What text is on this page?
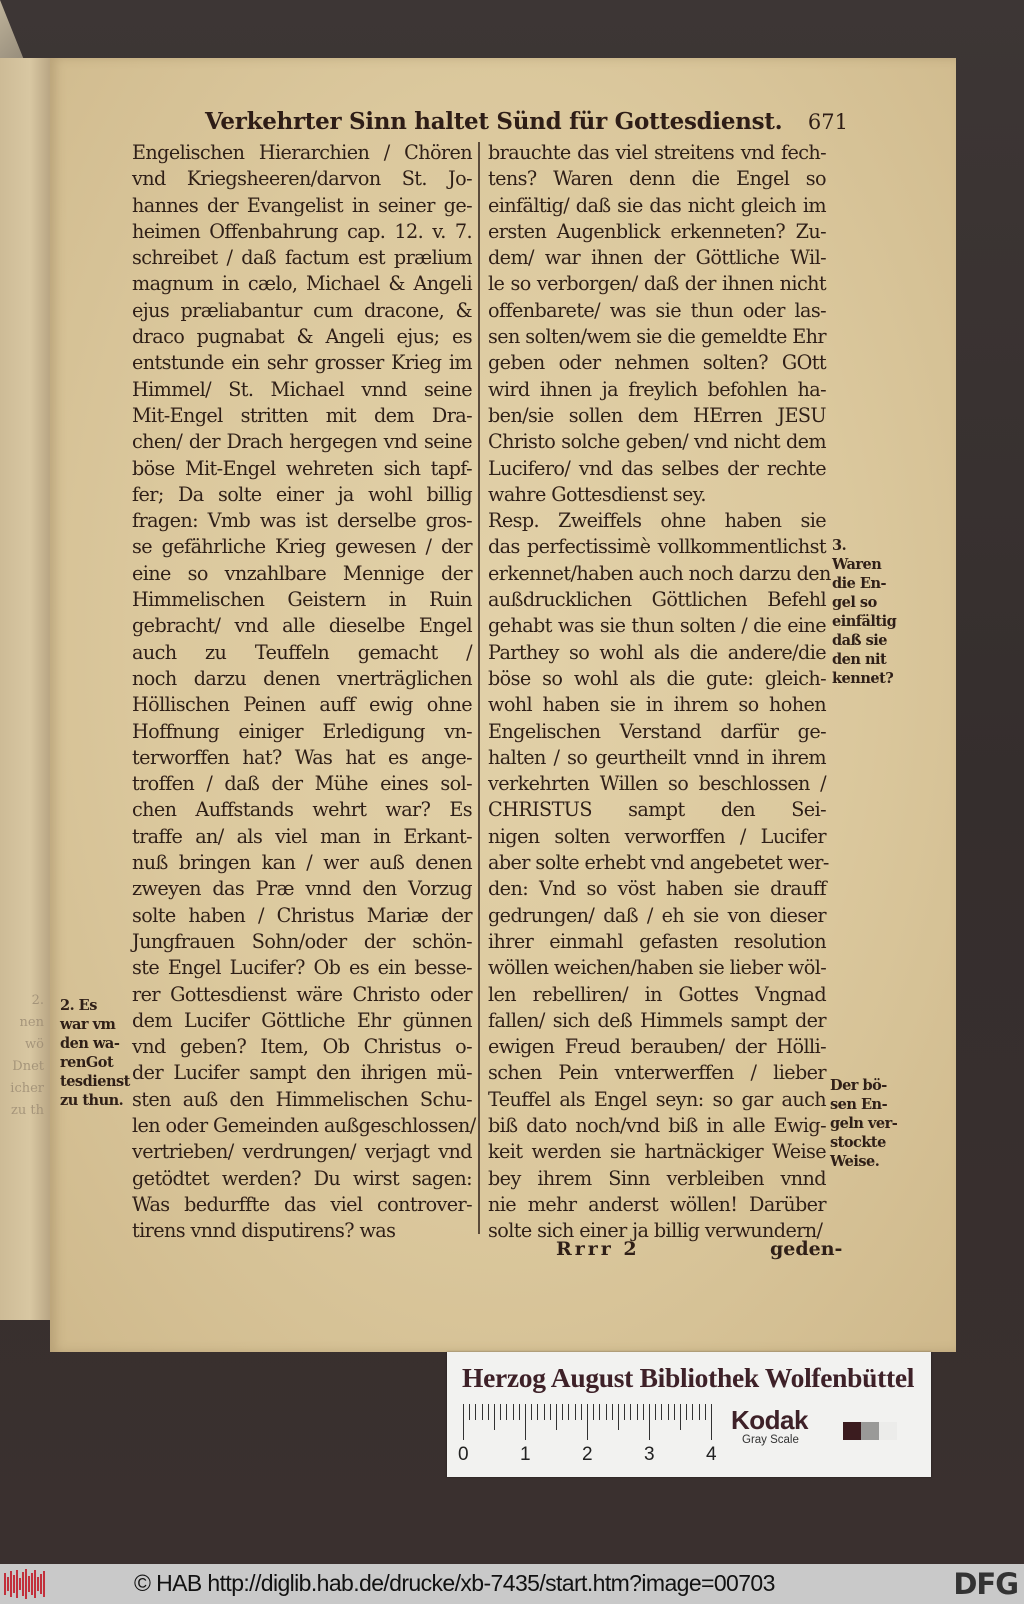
2.
nen
wö
Dnet
icher
zu th
Verkehrter Sinn haltet Sünd für Gottesdienst. 671
Engelischen Hierarchien / Chören
vnd Kriegsheeren/darvon St. Jo-
hannes der Evangelist in seiner ge-
heimen Offenbahrung cap. 12. v. 7.
schreibet / daß factum est prælium
magnum in cælo, Michael & Angeli
ejus præliabantur cum dracone, &
draco pugnabat & Angeli ejus; es
entstunde ein sehr grosser Krieg im
Himmel/ St. Michael vnnd seine
Mit-Engel stritten mit dem Dra-
chen/ der Drach hergegen vnd seine
böse Mit-Engel wehreten sich tapf-
fer; Da solte einer ja wohl billig
fragen: Vmb was ist derselbe gros-
se gefährliche Krieg gewesen / der
eine so vnzahlbare Mennige der
Himmelischen Geistern in Ruin
gebracht/ vnd alle dieselbe Engel
auch zu Teuffeln gemacht /
noch darzu denen vnerträglichen
Höllischen Peinen auff ewig ohne
Hoffnung einiger Erledigung vn-
terworffen hat? Was hat es ange-
troffen / daß der Mühe eines sol-
chen Auffstands wehrt war? Es
traffe an/ als viel man in Erkant-
nuß bringen kan / wer auß denen
zweyen das Præ vnnd den Vorzug
solte haben / Christus Mariæ der
Jungfrauen Sohn/oder der schön-
ste Engel Lucifer? Ob es ein besse-
rer Gottesdienst wäre Christo oder
dem Lucifer Göttliche Ehr günnen
vnd geben? Item, Ob Christus o-
der Lucifer sampt den ihrigen mü-
sten auß den Himmelischen Schu-
len oder Gemeinden außgeschlossen/
vertrieben/ verdrungen/ verjagt vnd
getödtet werden? Du wirst sagen:
Was bedurffte das viel controver-
tirens vnnd disputirens? was
brauchte das viel streitens vnd fech-
tens? Waren denn die Engel so
einfältig/ daß sie das nicht gleich im
ersten Augenblick erkenneten? Zu-
dem/ war ihnen der Göttliche Wil-
le so verborgen/ daß der ihnen nicht
offenbarete/ was sie thun oder las-
sen solten/wem sie die gemeldte Ehr
geben oder nehmen solten? GOtt
wird ihnen ja freylich befohlen ha-
ben/sie sollen dem HErren JESU
Christo solche geben/ vnd nicht dem
Lucifero/ vnd das selbes der rechte
wahre Gottesdienst sey.
Resp. Zweiffels ohne haben sie
das perfectissimè vollkommentlichst
erkennet/haben auch noch darzu den
außdrucklichen Göttlichen Befehl
gehabt was sie thun solten / die eine
Parthey so wohl als die andere/die
böse so wohl als die gute: gleich-
wohl haben sie in ihrem so hohen
Engelischen Verstand darfür ge-
halten / so geurtheilt vnnd in ihrem
verkehrten Willen so beschlossen /
CHRISTUS sampt den Sei-
nigen solten verworffen / Lucifer
aber solte erhebt vnd angebetet wer-
den: Vnd so vöst haben sie drauff
gedrungen/ daß / eh sie von dieser
ihrer einmahl gefasten resolution
wöllen weichen/haben sie lieber wöl-
len rebelliren/ in Gottes Vngnad
fallen/ sich deß Himmels sampt der
ewigen Freud berauben/ der Hölli-
schen Pein vnterwerffen / lieber
Teuffel als Engel seyn: so gar auch
biß dato noch/vnd biß in alle Ewig-
keit werden sie hartnäckiger Weise
bey ihrem Sinn verbleiben vnnd
nie mehr anderst wöllen! Darüber
solte sich einer ja billig verwundern/
2. Es
war vm
den wa-
renGot
tesdienst
zu thun.
3.
Waren
die En-
gel so
einfältig
daß sie
den nit
kennet?
Der bö-
sen En-
geln ver-
stockte
Weise.
Rrrr 2	geden-
Herzog August Bibliothek Wolfenbüttel
0	1	2	3	4
Kodak
Gray Scale
© HAB http://diglib.hab.de/drucke/xb-7435/start.htm?image=00703	DFG
